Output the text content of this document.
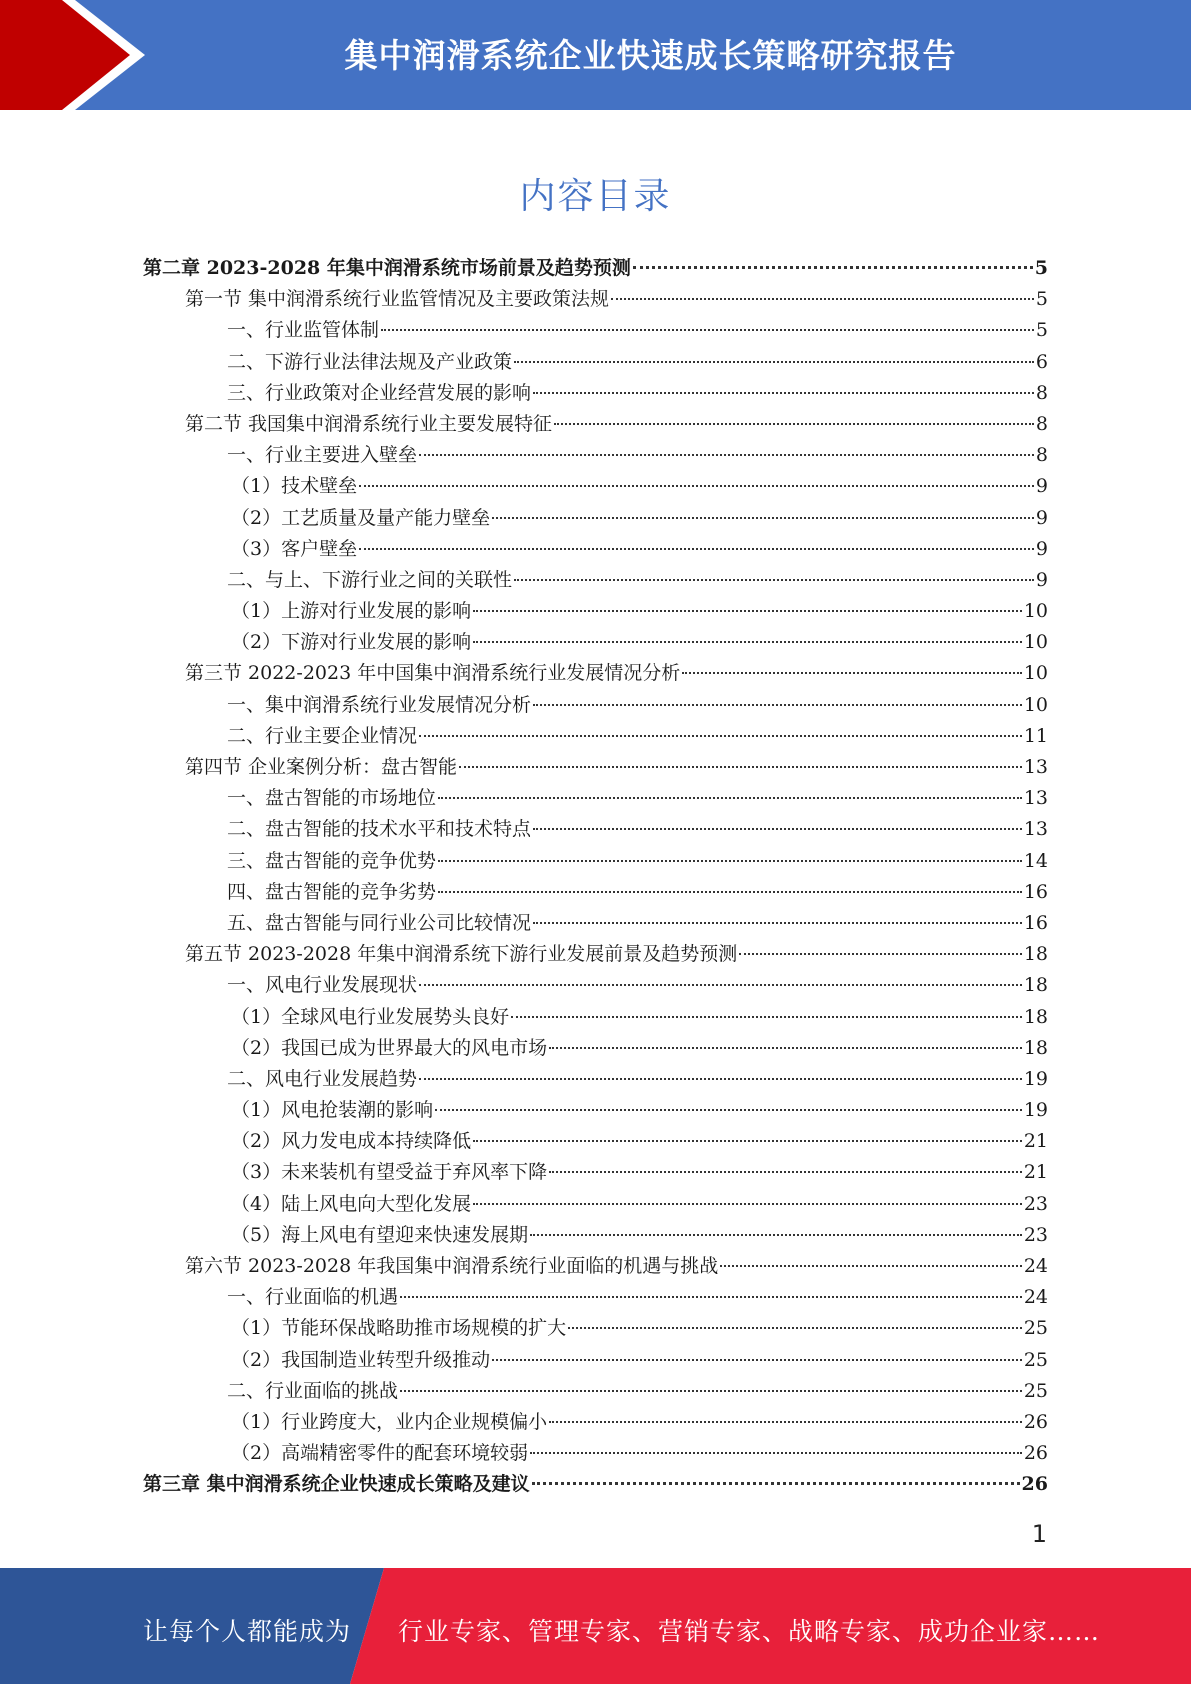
集中润滑系统企业快速成长策略研究报告
内容目录
第二章 2023-2028 年集中润滑系统市场前景及趋势预测	5
第一节 集中润滑系统行业监管情况及主要政策法规	5
一、行业监管体制	5
二、下游行业法律法规及产业政策	6
三、行业政策对企业经营发展的影响	8
第二节 我国集中润滑系统行业主要发展特征	8
一、行业主要进入壁垒	8
（1）技术壁垒	9
（2）工艺质量及量产能力壁垒	9
（3）客户壁垒	9
二、与上、下游行业之间的关联性	9
（1）上游对行业发展的影响	10
（2）下游对行业发展的影响	10
第三节 2022-2023 年中国集中润滑系统行业发展情况分析	10
一、集中润滑系统行业发展情况分析	10
二、行业主要企业情况	11
第四节 企业案例分析：盘古智能	13
一、盘古智能的市场地位	13
二、盘古智能的技术水平和技术特点	13
三、盘古智能的竞争优势	14
四、盘古智能的竞争劣势	16
五、盘古智能与同行业公司比较情况	16
第五节 2023-2028 年集中润滑系统下游行业发展前景及趋势预测	18
一、风电行业发展现状	18
（1）全球风电行业发展势头良好	18
（2）我国已成为世界最大的风电市场	18
二、风电行业发展趋势	19
（1）风电抢装潮的影响	19
（2）风力发电成本持续降低	21
（3）未来装机有望受益于弃风率下降	21
（4）陆上风电向大型化发展	23
（5）海上风电有望迎来快速发展期	23
第六节 2023-2028 年我国集中润滑系统行业面临的机遇与挑战	24
一、行业面临的机遇	24
（1）节能环保战略助推市场规模的扩大	25
（2）我国制造业转型升级推动	25
二、行业面临的挑战	25
（1）行业跨度大，业内企业规模偏小	26
（2）高端精密零件的配套环境较弱	26
第三章 集中润滑系统企业快速成长策略及建议	26
1
让每个人都能成为 行业专家、管理专家、营销专家、战略专家、成功企业家……
